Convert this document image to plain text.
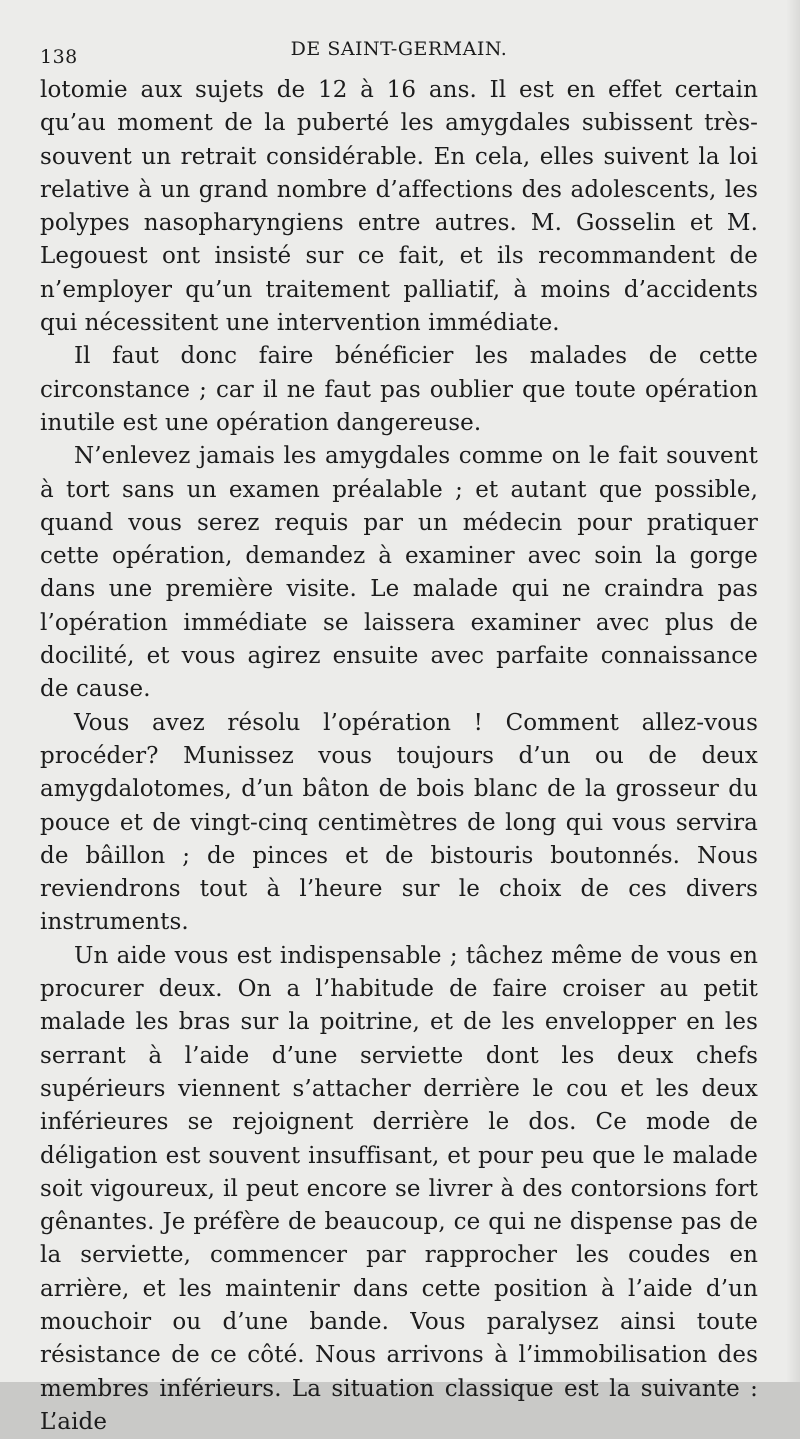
138	DE SAINT-GERMAIN.

lotomie aux sujets de 12 à 16 ans. Il est en effet certain qu’au moment de la puberté les amygdales subissent très-souvent un retrait considérable. En cela, elles suivent la loi relative à un grand nombre d’affections des adolescents, les polypes nasopharyngiens entre autres. M. Gosselin et M. Legouest ont insisté sur ce fait, et ils recommandent de n’employer qu’un traitement palliatif, à moins d’accidents qui nécessitent une intervention immédiate.

Il faut donc faire bénéficier les malades de cette circonstance ; car il ne faut pas oublier que toute opération inutile est une opération dangereuse.

N’enlevez jamais les amygdales comme on le fait souvent à tort sans un examen préalable ; et autant que possible, quand vous serez requis par un médecin pour pratiquer cette opération, demandez à examiner avec soin la gorge dans une première visite. Le malade qui ne craindra pas l’opération immédiate se laissera examiner avec plus de docilité, et vous agirez ensuite avec parfaite connaissance de cause.

Vous avez résolu l’opération ! Comment allez-vous procéder? Munissez vous toujours d’un ou de deux amygdalotomes, d’un bâton de bois blanc de la grosseur du pouce et de vingt-cinq centimètres de long qui vous servira de bâillon ; de pinces et de bistouris boutonnés. Nous reviendrons tout à l’heure sur le choix de ces divers instruments.

Un aide vous est indispensable ; tâchez même de vous en procurer deux. On a l’habitude de faire croiser au petit malade les bras sur la poitrine, et de les envelopper en les serrant à l’aide d’une serviette dont les deux chefs supérieurs viennent s’attacher derrière le cou et les deux inférieures se rejoignent derrière le dos. Ce mode de déligation est souvent insuffisant, et pour peu que le malade soit vigoureux, il peut encore se livrer à des contorsions fort gênantes. Je préfère de beaucoup, ce qui ne dispense pas de la serviette, commencer par rapprocher les coudes en arrière, et les maintenir dans cette position à l’aide d’un mouchoir ou d’une bande. Vous paralysez ainsi toute résistance de ce côté. Nous arrivons à l’immobilisation des membres inférieurs. La situation classique est la suivante : L’aide
